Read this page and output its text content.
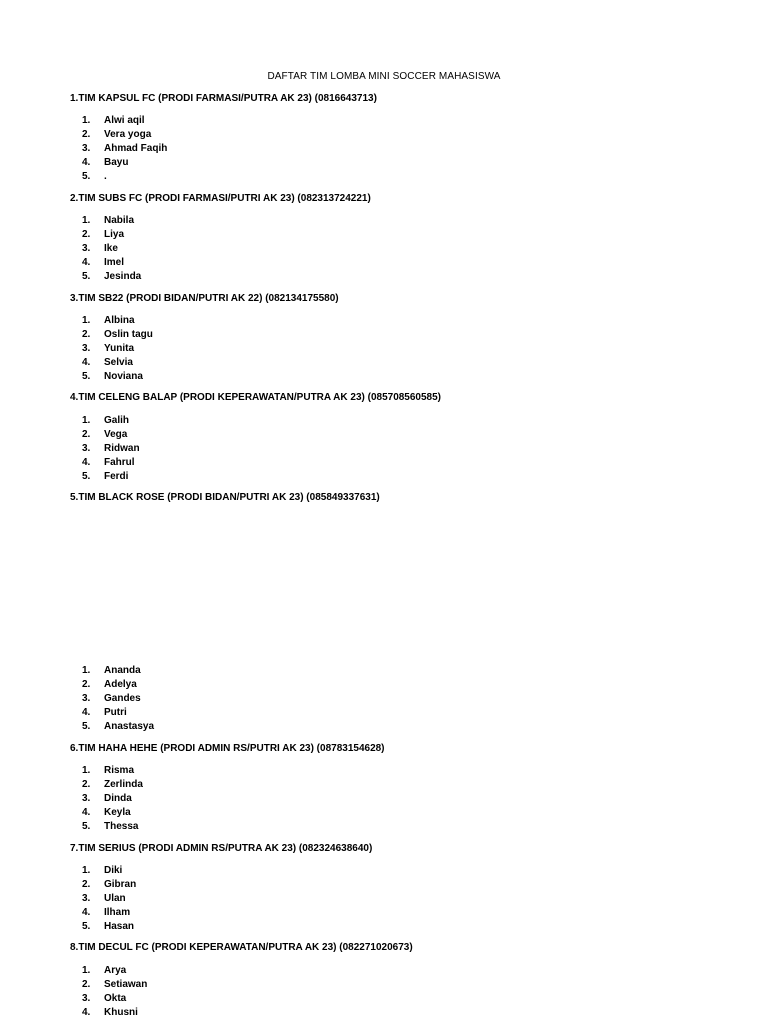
DAFTAR TIM LOMBA MINI SOCCER MAHASISWA
1.TIM KAPSUL FC (PRODI FARMASI/PUTRA AK 23) (0816643713)
1. Alwi aqil
2. Vera yoga
3. Ahmad Faqih
4. Bayu
5. .
2.TIM SUBS FC (PRODI FARMASI/PUTRI AK 23) (082313724221)
1. Nabila
2. Liya
3. Ike
4. Imel
5. Jesinda
3.TIM SB22 (PRODI BIDAN/PUTRI AK 22) (082134175580)
1. Albina
2. Oslin tagu
3. Yunita
4. Selvia
5. Noviana
4.TIM CELENG BALAP (PRODI KEPERAWATAN/PUTRA AK 23) (085708560585)
1. Galih
2. Vega
3. Ridwan
4. Fahrul
5. Ferdi
5.TIM BLACK ROSE (PRODI BIDAN/PUTRI AK 23) (085849337631)
1. Ananda
2. Adelya
3. Gandes
4. Putri
5. Anastasya
6.TIM HAHA HEHE (PRODI ADMIN RS/PUTRI AK 23) (08783154628)
1. Risma
2. Zerlinda
3. Dinda
4. Keyla
5. Thessa
7.TIM SERIUS (PRODI ADMIN RS/PUTRA AK 23) (082324638640)
1. Diki
2. Gibran
3. Ulan
4. Ilham
5. Hasan
8.TIM DECUL FC (PRODI KEPERAWATAN/PUTRA AK 23) (082271020673)
1. Arya
2. Setiawan
3. Okta
4. Khusni
